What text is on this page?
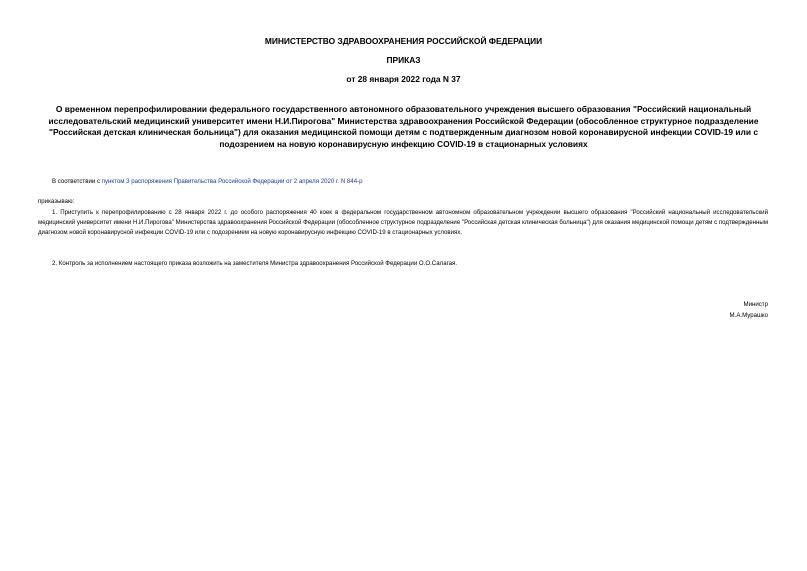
МИНИСТЕРСТВО ЗДРАВООХРАНЕНИЯ РОССИЙСКОЙ ФЕДЕРАЦИИ
ПРИКАЗ
от 28 января 2022 года N 37
О временном перепрофилировании федерального государственного автономного образовательного учреждения высшего образования "Российский национальный исследовательский медицинский университет имени Н.И.Пирогова" Министерства здравоохранения Российской Федерации (обособленное структурное подразделение "Российская детская клиническая больница") для оказания медицинской помощи детям с подтвержденным диагнозом новой коронавирусной инфекции COVID-19 или с подозрением на новую коронавирусную инфекцию COVID-19 в стационарных условиях
В соответствии с пунктом 3 распоряжения Правительства Российской Федерации от 2 апреля 2020 г. N 844-р
приказываю:
1. Приступить к перепрофилированию с 28 января 2022 г. до особого распоряжения 40 коек в федеральном государственном автономном образовательном учреждении высшего образования "Российский национальный исследовательский медицинский университет имени Н.И.Пирогова" Министерства здравоохранения Российской Федерации (обособленное структурное подразделение "Российская детская клиническая больница") для оказания медицинской помощи детям с подтвержденным диагнозом новой коронавирусной инфекции COVID-19 или с подозрением на новую коронавирусную инфекцию COVID-19 в стационарных условиях.
2. Контроль за исполнением настоящего приказа возложить на заместителя Министра здравоохранения Российской Федерации О.О.Салагая.
Министр
М.А.Мурашко
